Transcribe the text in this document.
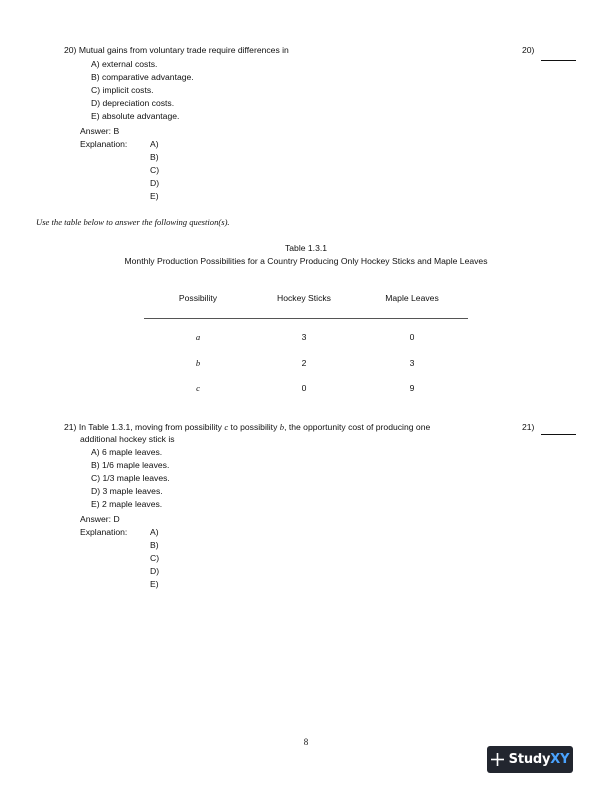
20) Mutual gains from voluntary trade require differences in	20)
A) external costs.
B) comparative advantage.
C) implicit costs.
D) depreciation costs.
E) absolute advantage.
Answer: B
Explanation:	A)
B)
C)
D)
E)
Use the table below to answer the following question(s).
Table 1.3.1
Monthly Production Possibilities for a Country Producing Only Hockey Sticks and Maple Leaves
Possibility	Hockey Sticks	Maple Leaves
a	3	0
b	2	3
c	0	9
21) In Table 1.3.1, moving from possibility c to possibility b, the opportunity cost of producing one
additional hockey stick is
21)
A) 6 maple leaves.
B) 1/6 maple leaves.
C) 1/3 maple leaves.
D) 3 maple leaves.
E) 2 maple leaves.
Answer: D
Explanation:	A)
B)
C)
D)
E)
8
StudyXY
